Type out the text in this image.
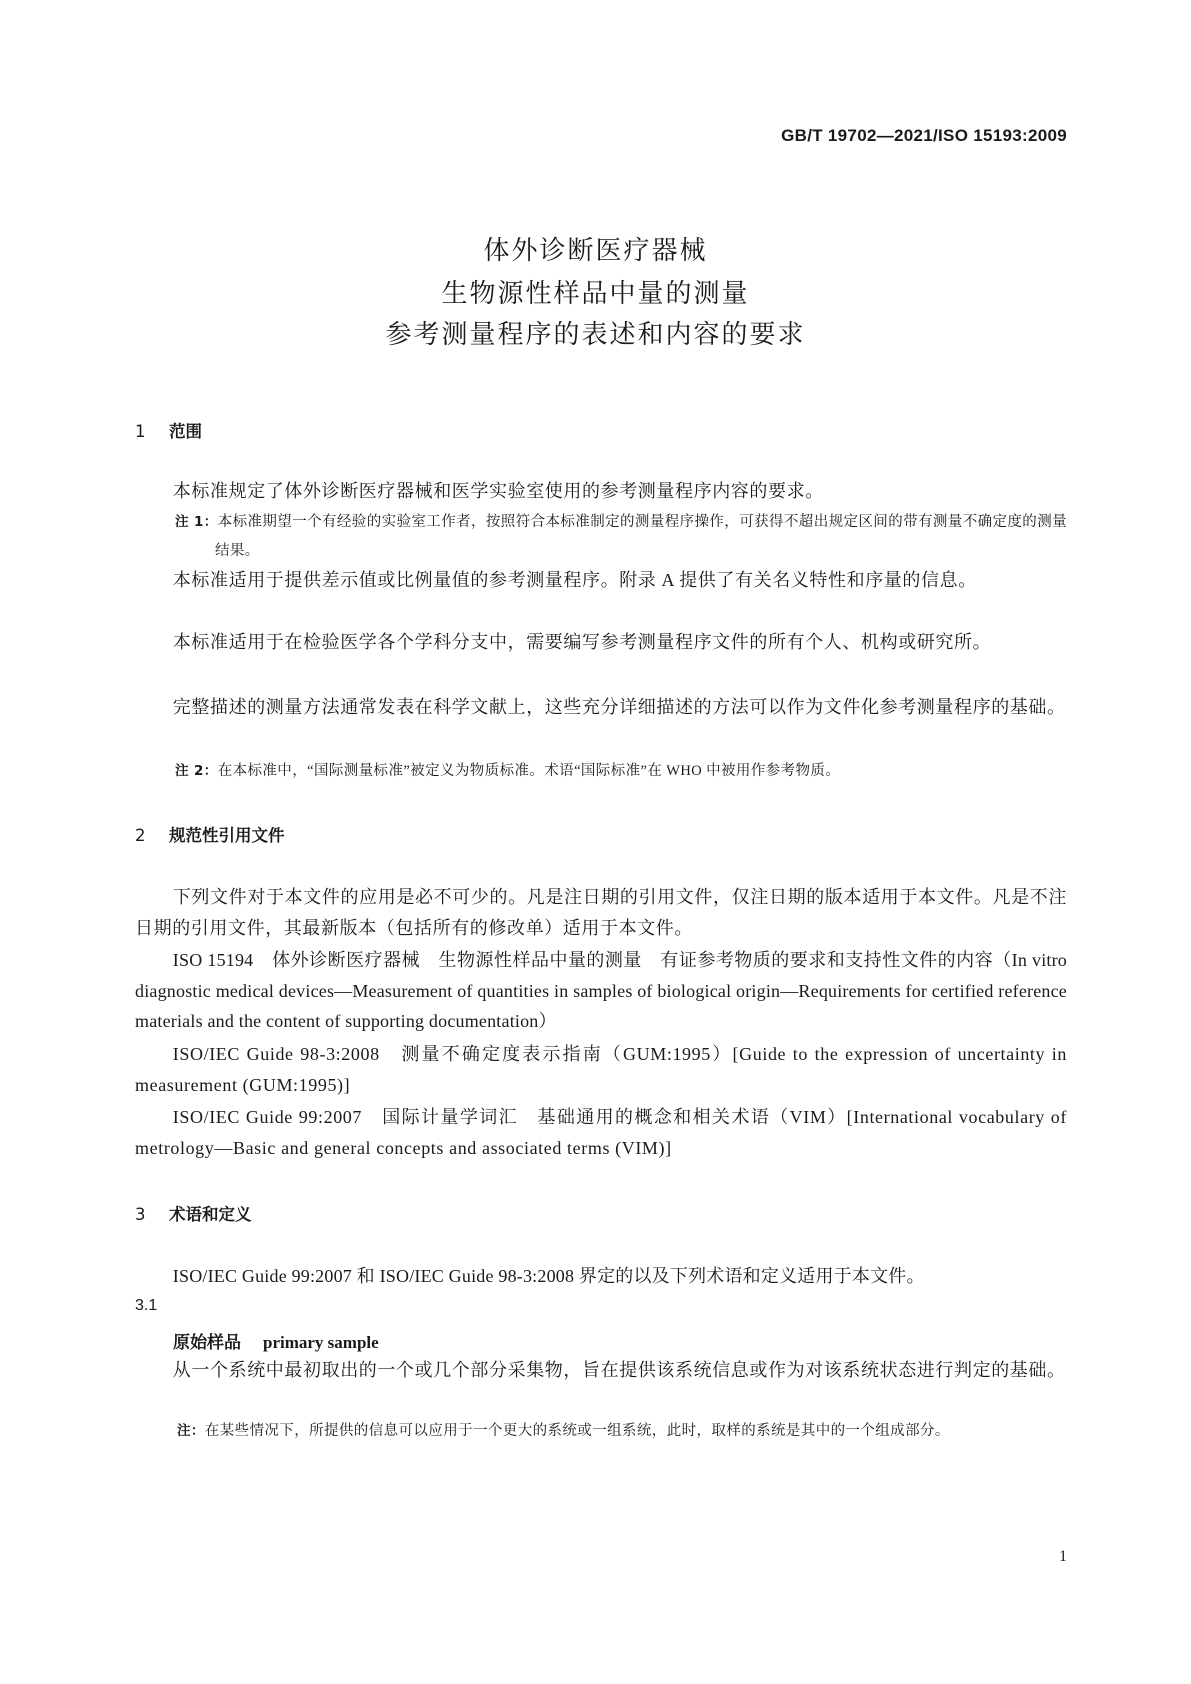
GB/T 19702—2021/ISO 15193:2009
体外诊断医疗器械
生物源性样品中量的测量
参考测量程序的表述和内容的要求
1 范围
本标准规定了体外诊断医疗器械和医学实验室使用的参考测量程序内容的要求。
注 1：本标准期望一个有经验的实验室工作者，按照符合本标准制定的测量程序操作，可获得不超出规定区间的带有测量不确定度的测量结果。
本标准适用于提供差示值或比例量值的参考测量程序。附录 A 提供了有关名义特性和序量的信息。
本标准适用于在检验医学各个学科分支中，需要编写参考测量程序文件的所有个人、机构或研究所。
完整描述的测量方法通常发表在科学文献上，这些充分详细描述的方法可以作为文件化参考测量程序的基础。
注 2：在本标准中，“国际测量标准”被定义为物质标准。术语“国际标准”在 WHO 中被用作参考物质。
2 规范性引用文件
下列文件对于本文件的应用是必不可少的。凡是注日期的引用文件，仅注日期的版本适用于本文件。凡是不注日期的引用文件，其最新版本（包括所有的修改单）适用于本文件。
ISO 15194　体外诊断医疗器械　生物源性样品中量的测量　有证参考物质的要求和支持性文件的内容（In vitro diagnostic medical devices—Measurement of quantities in samples of biological origin—Requirements for certified reference materials and the content of supporting documentation）
ISO/IEC Guide 98-3:2008　测量不确定度表示指南（GUM:1995）[Guide to the expression of uncertainty in measurement (GUM:1995)]
ISO/IEC Guide 99:2007　国际计量学词汇　基础通用的概念和相关术语（VIM）[International vocabulary of metrology—Basic and general concepts and associated terms (VIM)]
3 术语和定义
ISO/IEC Guide 99:2007 和 ISO/IEC Guide 98-3:2008 界定的以及下列术语和定义适用于本文件。
3.1
原始样品 primary sample
从一个系统中最初取出的一个或几个部分采集物，旨在提供该系统信息或作为对该系统状态进行判定的基础。
注：在某些情况下，所提供的信息可以应用于一个更大的系统或一组系统，此时，取样的系统是其中的一个组成部分。
1
